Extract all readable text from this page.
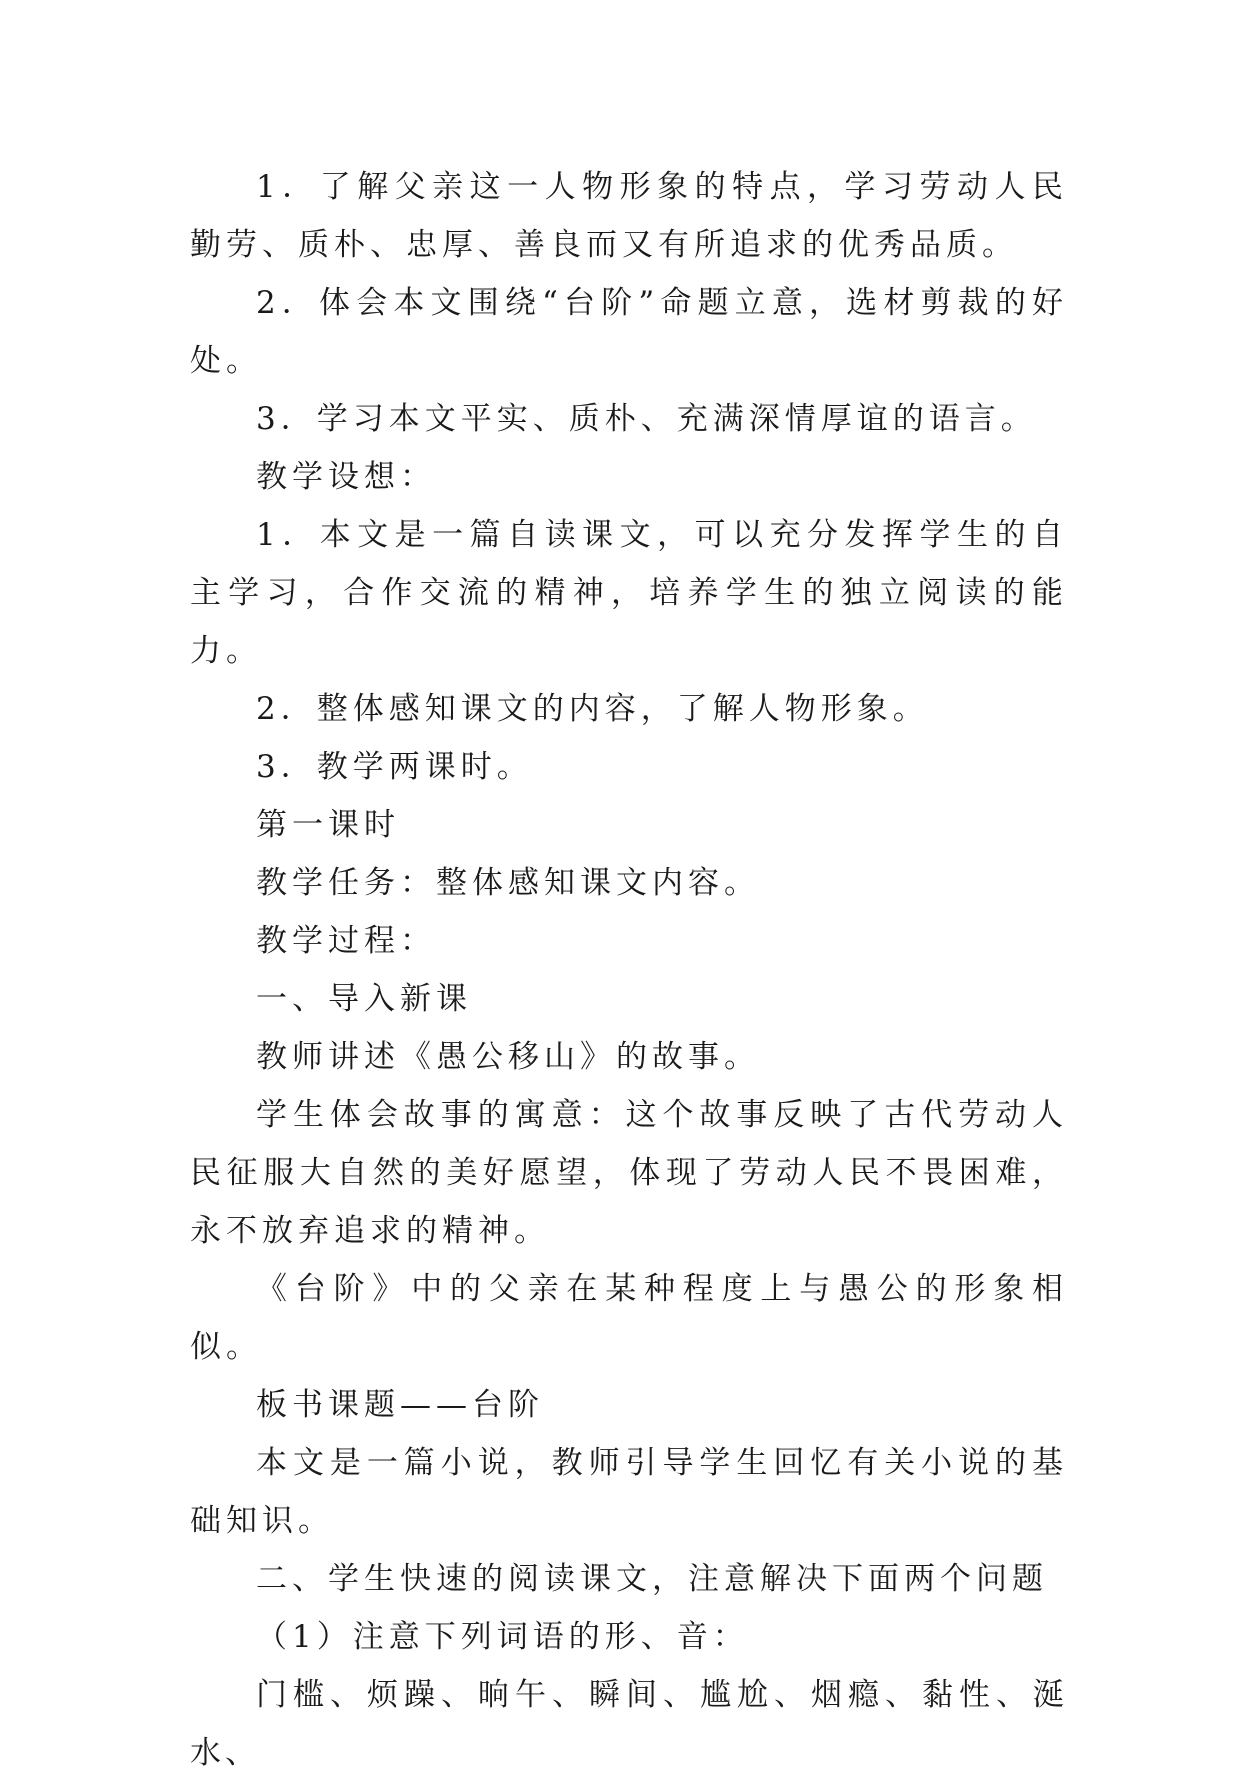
1．了解父亲这一人物形象的特点，学习劳动人民勤劳、质朴、忠厚、善良而又有所追求的优秀品质。

2．体会本文围绕“台阶”命题立意，选材剪裁的好处。

3．学习本文平实、质朴、充满深情厚谊的语言。

教学设想：

1．本文是一篇自读课文，可以充分发挥学生的自主学习，合作交流的精神，培养学生的独立阅读的能力。

2．整体感知课文的内容，了解人物形象。

3．教学两课时。

第一课时

教学任务：整体感知课文内容。

教学过程：

一、导入新课

教师讲述《愚公移山》的故事。

学生体会故事的寓意：这个故事反映了古代劳动人民征服大自然的美好愿望，体现了劳动人民不畏困难，永不放弃追求的精神。

《台阶》中的父亲在某种程度上与愚公的形象相似。

板书课题——台阶

本文是一篇小说，教师引导学生回忆有关小说的基础知识。

二、学生快速的阅读课文，注意解决下面两个问题

（1）注意下列词语的形、音：

门槛、烦躁、晌午、瞬间、尴尬、烟瘾、黏性、涎水、
